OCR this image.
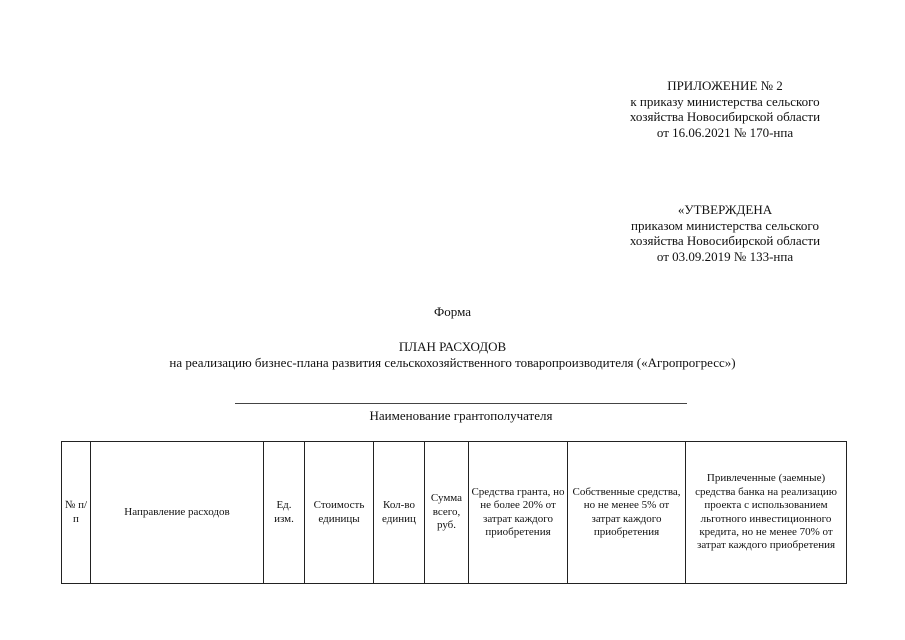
ПРИЛОЖЕНИЕ № 2
к приказу министерства сельского
хозяйства Новосибирской области
от 16.06.2021 № 170-нпа
«УТВЕРЖДЕНА
приказом министерства сельского
хозяйства Новосибирской области
от 03.09.2019 № 133-нпа
Форма
ПЛАН РАСХОДОВ
на реализацию бизнес-плана развития сельскохозяйственного товаропроизводителя («Агропрогресс»)
Наименование грантополучателя
№ п/п	Направление расходов	Ед. изм.	Стоимость единицы	Кол-во единиц	Сумма всего, руб.	Средства гранта, но не более 20% от затрат каждого приобретения	Собственные средства, но не менее 5% от затрат каждого приобретения	Привлеченные (заемные) средства банка на реализацию проекта с использованием льготного инвестиционного кредита, но не менее 70% от затрат каждого приобретения
